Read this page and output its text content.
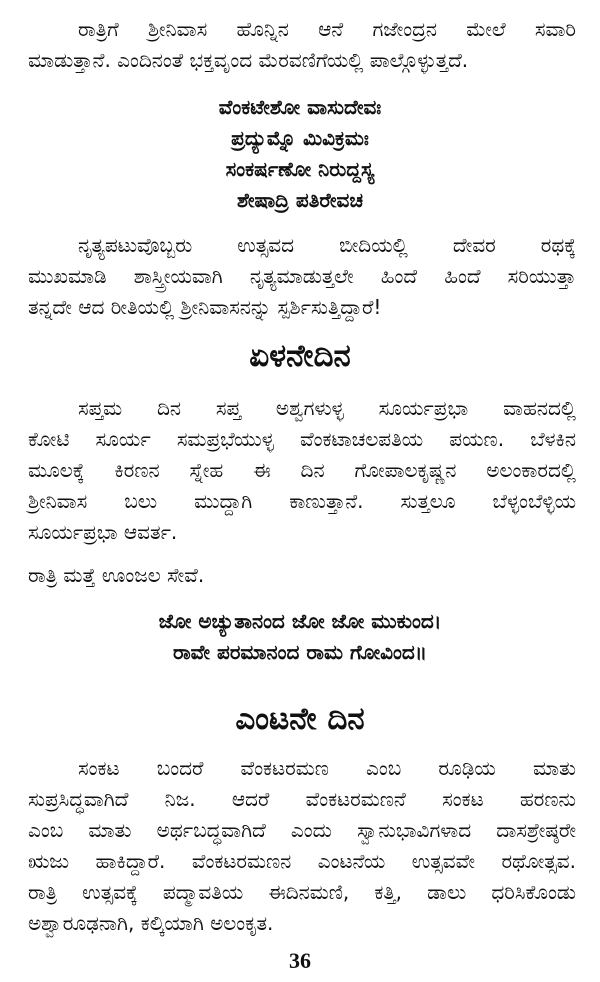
ರಾತ್ರಿಗೆ ಶ್ರೀನಿವಾಸ ಹೊನ್ನಿನ ಆನೆ ಗಜೇಂದ್ರನ ಮೇಲೆ ಸವಾರಿ
ಮಾಡುತ್ತಾನೆ. ಎಂದಿನಂತೆ ಭಕ್ತವೃಂದ ಮೆರವಣಿಗೆಯಲ್ಲಿ ಪಾಲ್ಗೊಳ್ಳುತ್ತದೆ.
ವೆಂಕಟೇಶೋ ವಾಸುದೇವಃ
ಪ್ರದ್ಯುಮ್ನೊ ಮಿವಿಕ್ರಮಃ
ಸಂಕರ್ಷಣೋ ನಿರುದ್ದಸ್ಯ
ಶೇಷಾದ್ರಿ ಪತಿರೇವಚ
ನೃತ್ಯಪಟುವೊಬ್ಬರು ಉತ್ಸವದ ಬೀದಿಯಲ್ಲಿ ದೇವರ ರಥಕ್ಕೆ
ಮುಖಮಾಡಿ ಶಾಸ್ತ್ರೀಯವಾಗಿ ನೃತ್ಯಮಾಡುತ್ತಲೇ ಹಿಂದೆ ಹಿಂದೆ ಸರಿಯುತ್ತಾ
ತನ್ನದೇ ಆದ ರೀತಿಯಲ್ಲಿ ಶ್ರೀನಿವಾಸನನ್ನು ಸ್ಪರ್ಶಿಸುತ್ತಿದ್ದಾರೆ!
ಏಳನೇದಿನ
ಸಪ್ತಮ ದಿನ ಸಪ್ತ ಅಶ್ವಗಳುಳ್ಳ ಸೂರ್ಯಪ್ರಭಾ ವಾಹನದಲ್ಲಿ
ಕೋಟಿ ಸೂರ್ಯ ಸಮಪ್ರಭೆಯುಳ್ಳ ವೆಂಕಟಾಚಲಪತಿಯ ಪಯಣ. ಬೆಳಕಿನ
ಮೂಲಕ್ಕೆ ಕಿರಣನ ಸ್ನೇಹ ಈ ದಿನ ಗೋಪಾಲಕೃಷ್ಣನ ಅಲಂಕಾರದಲ್ಲಿ
ಶ್ರೀನಿವಾಸ ಬಲು ಮುದ್ದಾಗಿ ಕಾಣುತ್ತಾನೆ. ಸುತ್ತಲೂ ಬೆಳ್ಳಂಬೆಳ್ಳಿಯ
ಸೂರ್ಯಪ್ರಭಾ ಆವರ್ತ.

ರಾತ್ರಿ ಮತ್ತೆ ಊಂಜಲ ಸೇವೆ.

ಜೋ ಅಚ್ಯುತಾನಂದ ಜೋ ಜೋ ಮುಕುಂದ।
ರಾವೇ ಪರಮಾನಂದ ರಾಮ ಗೋವಿಂದ॥
ಎಂಟನೇ ದಿನ
ಸಂಕಟ ಬಂದರೆ ವೆಂಕಟರಮಣ ಎಂಬ ರೂಢಿಯ ಮಾತು
ಸುಪ್ರಸಿದ್ಧವಾಗಿದೆ ನಿಜ. ಆದರೆ ವೆಂಕಟರಮಣನೆ ಸಂಕಟ ಹರಣನು
ಎಂಬ ಮಾತು ಅರ್ಥಬದ್ಧವಾಗಿದೆ ಎಂದು ಸ್ವಾನುಭಾವಿಗಳಾದ ದಾಸಶ್ರೇಷ್ಠರೇ
ಋಜು ಹಾಕಿದ್ದಾರೆ. ವೆಂಕಟರಮಣನ ಎಂಟನೆಯ ಉತ್ಸವವೇ ರಥೋತ್ಸವ.
ರಾತ್ರಿ ಉತ್ಸವಕ್ಕೆ ಪದ್ಮಾವತಿಯ ಈದಿನಮಣಿ, ಕತ್ತಿ, ಡಾಲು ಧರಿಸಿಕೊಂಡು
ಅಶ್ವಾರೂಢನಾಗಿ, ಕಲ್ಕಿಯಾಗಿ ಅಲಂಕೃತ.
36
